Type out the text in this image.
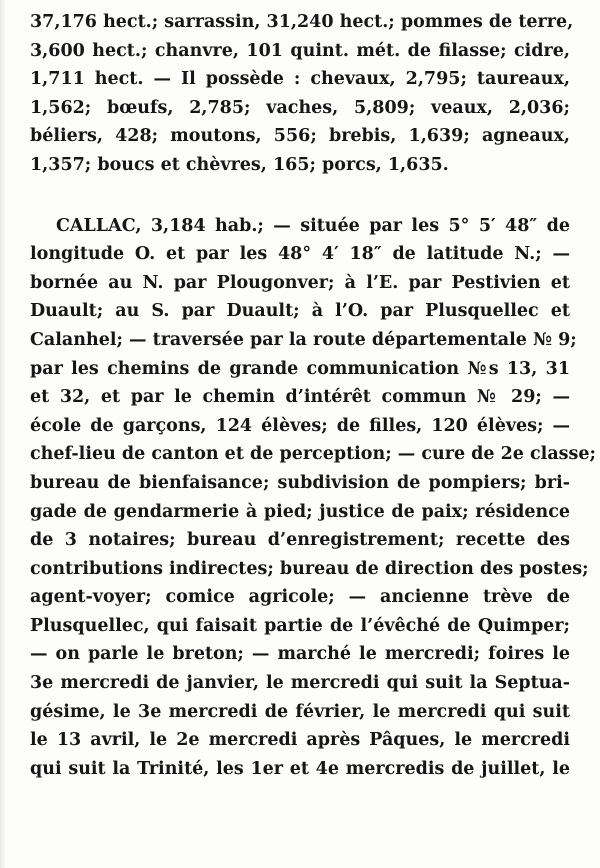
37,176 hect.; sarrassin, 31,240 hect.; pommes de terre,
3,600 hect.; chanvre, 101 quint. mét. de filasse; cidre,
1,711 hect. — Il possède : chevaux, 2,795; taureaux,
1,562; bœufs, 2,785; vaches, 5,809; veaux, 2,036;
béliers, 428; moutons, 556; brebis, 1,639; agneaux,
1,357; boucs et chèvres, 165; porcs, 1,635.
CALLAC, 3,184 hab.; — située par les 5° 5′ 48″ de
longitude O. et par les 48° 4′ 18″ de latitude N.; —
bornée au N. par Plougonver; à l’E. par Pestivien et
Duault; au S. par Duault; à l’O. par Plusquellec et
Calanhel; — traversée par la route départementale № 9;
par les chemins de grande communication №s 13, 31
et 32, et par le chemin d’intérêt commun № 29; —
école de garçons, 124 élèves; de filles, 120 élèves; —
chef-lieu de canton et de perception; — cure de 2e classe;
bureau de bienfaisance; subdivision de pompiers; bri-
gade de gendarmerie à pied; justice de paix; résidence
de 3 notaires; bureau d’enregistrement; recette des
contributions indirectes; bureau de direction des postes;
agent-voyer; comice agricole; — ancienne trève de
Plusquellec, qui faisait partie de l’évêché de Quimper;
— on parle le breton; — marché le mercredi; foires le
3e mercredi de janvier, le mercredi qui suit la Septua-
gésime, le 3e mercredi de février, le mercredi qui suit
le 13 avril, le 2e mercredi après Pâques, le mercredi
qui suit la Trinité, les 1er et 4e mercredis de juillet, le
